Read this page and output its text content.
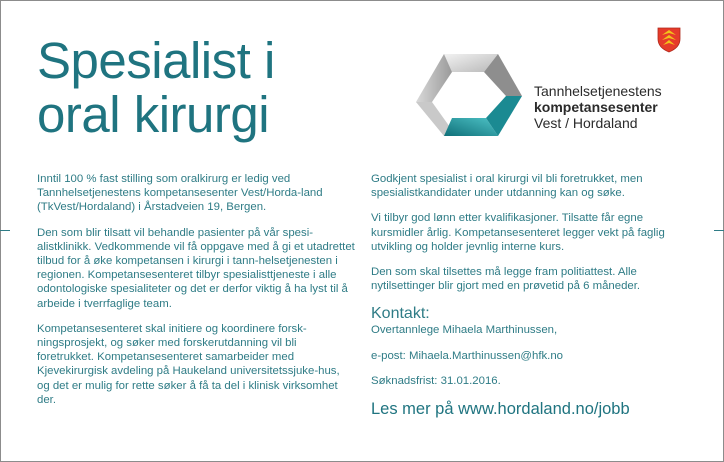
Spesialist i
oral kirurgi	Tannhelsetjenestens
kompetansesenter
Vest / Hordaland

Inntil 100 % fast stilling som oralkirurg er ledig ved Tannhelsetjenestens kompetansesenter Vest/Horda-land (TkVest/Hordaland) i Årstadveien 19, Bergen.

Den som blir tilsatt vil behandle pasienter på vår spesi-alistklinikk. Vedkommende vil få oppgave med å gi et utadrettet tilbud for å øke kompetansen i kirurgi i tann-helsetjenesten i regionen. Kompetansesenteret tilbyr spesialisttjeneste i alle odontologiske spesialiteter og det er derfor viktig å ha lyst til å arbeide i tverrfaglige team.

Kompetansesenteret skal initiere og koordinere forsk-ningsprosjekt, og søker med forskerutdanning vil bli foretrukket. Kompetansesenteret samarbeider med Kjevekirurgisk avdeling på Haukeland universitetssjuke-hus, og det er mulig for rette søker å få ta del i klinisk virksomhet der.

Godkjent spesialist i oral kirurgi vil bli foretrukket, men spesialistkandidater under utdanning kan og søke.

Vi tilbyr god lønn etter kvalifikasjoner. Tilsatte får egne kursmidler årlig. Kompetansesenteret legger vekt på faglig utvikling og holder jevnlig interne kurs.

Den som skal tilsettes må legge fram politiattest. Alle nytilsettinger blir gjort med en prøvetid på 6 måneder.

Kontakt:

Overtannlege Mihaela Marthinussen,

e-post: Mihaela.Marthinussen@hfk.no

Søknadsfrist: 31.01.2016.

Les mer på www.hordaland.no/jobb
